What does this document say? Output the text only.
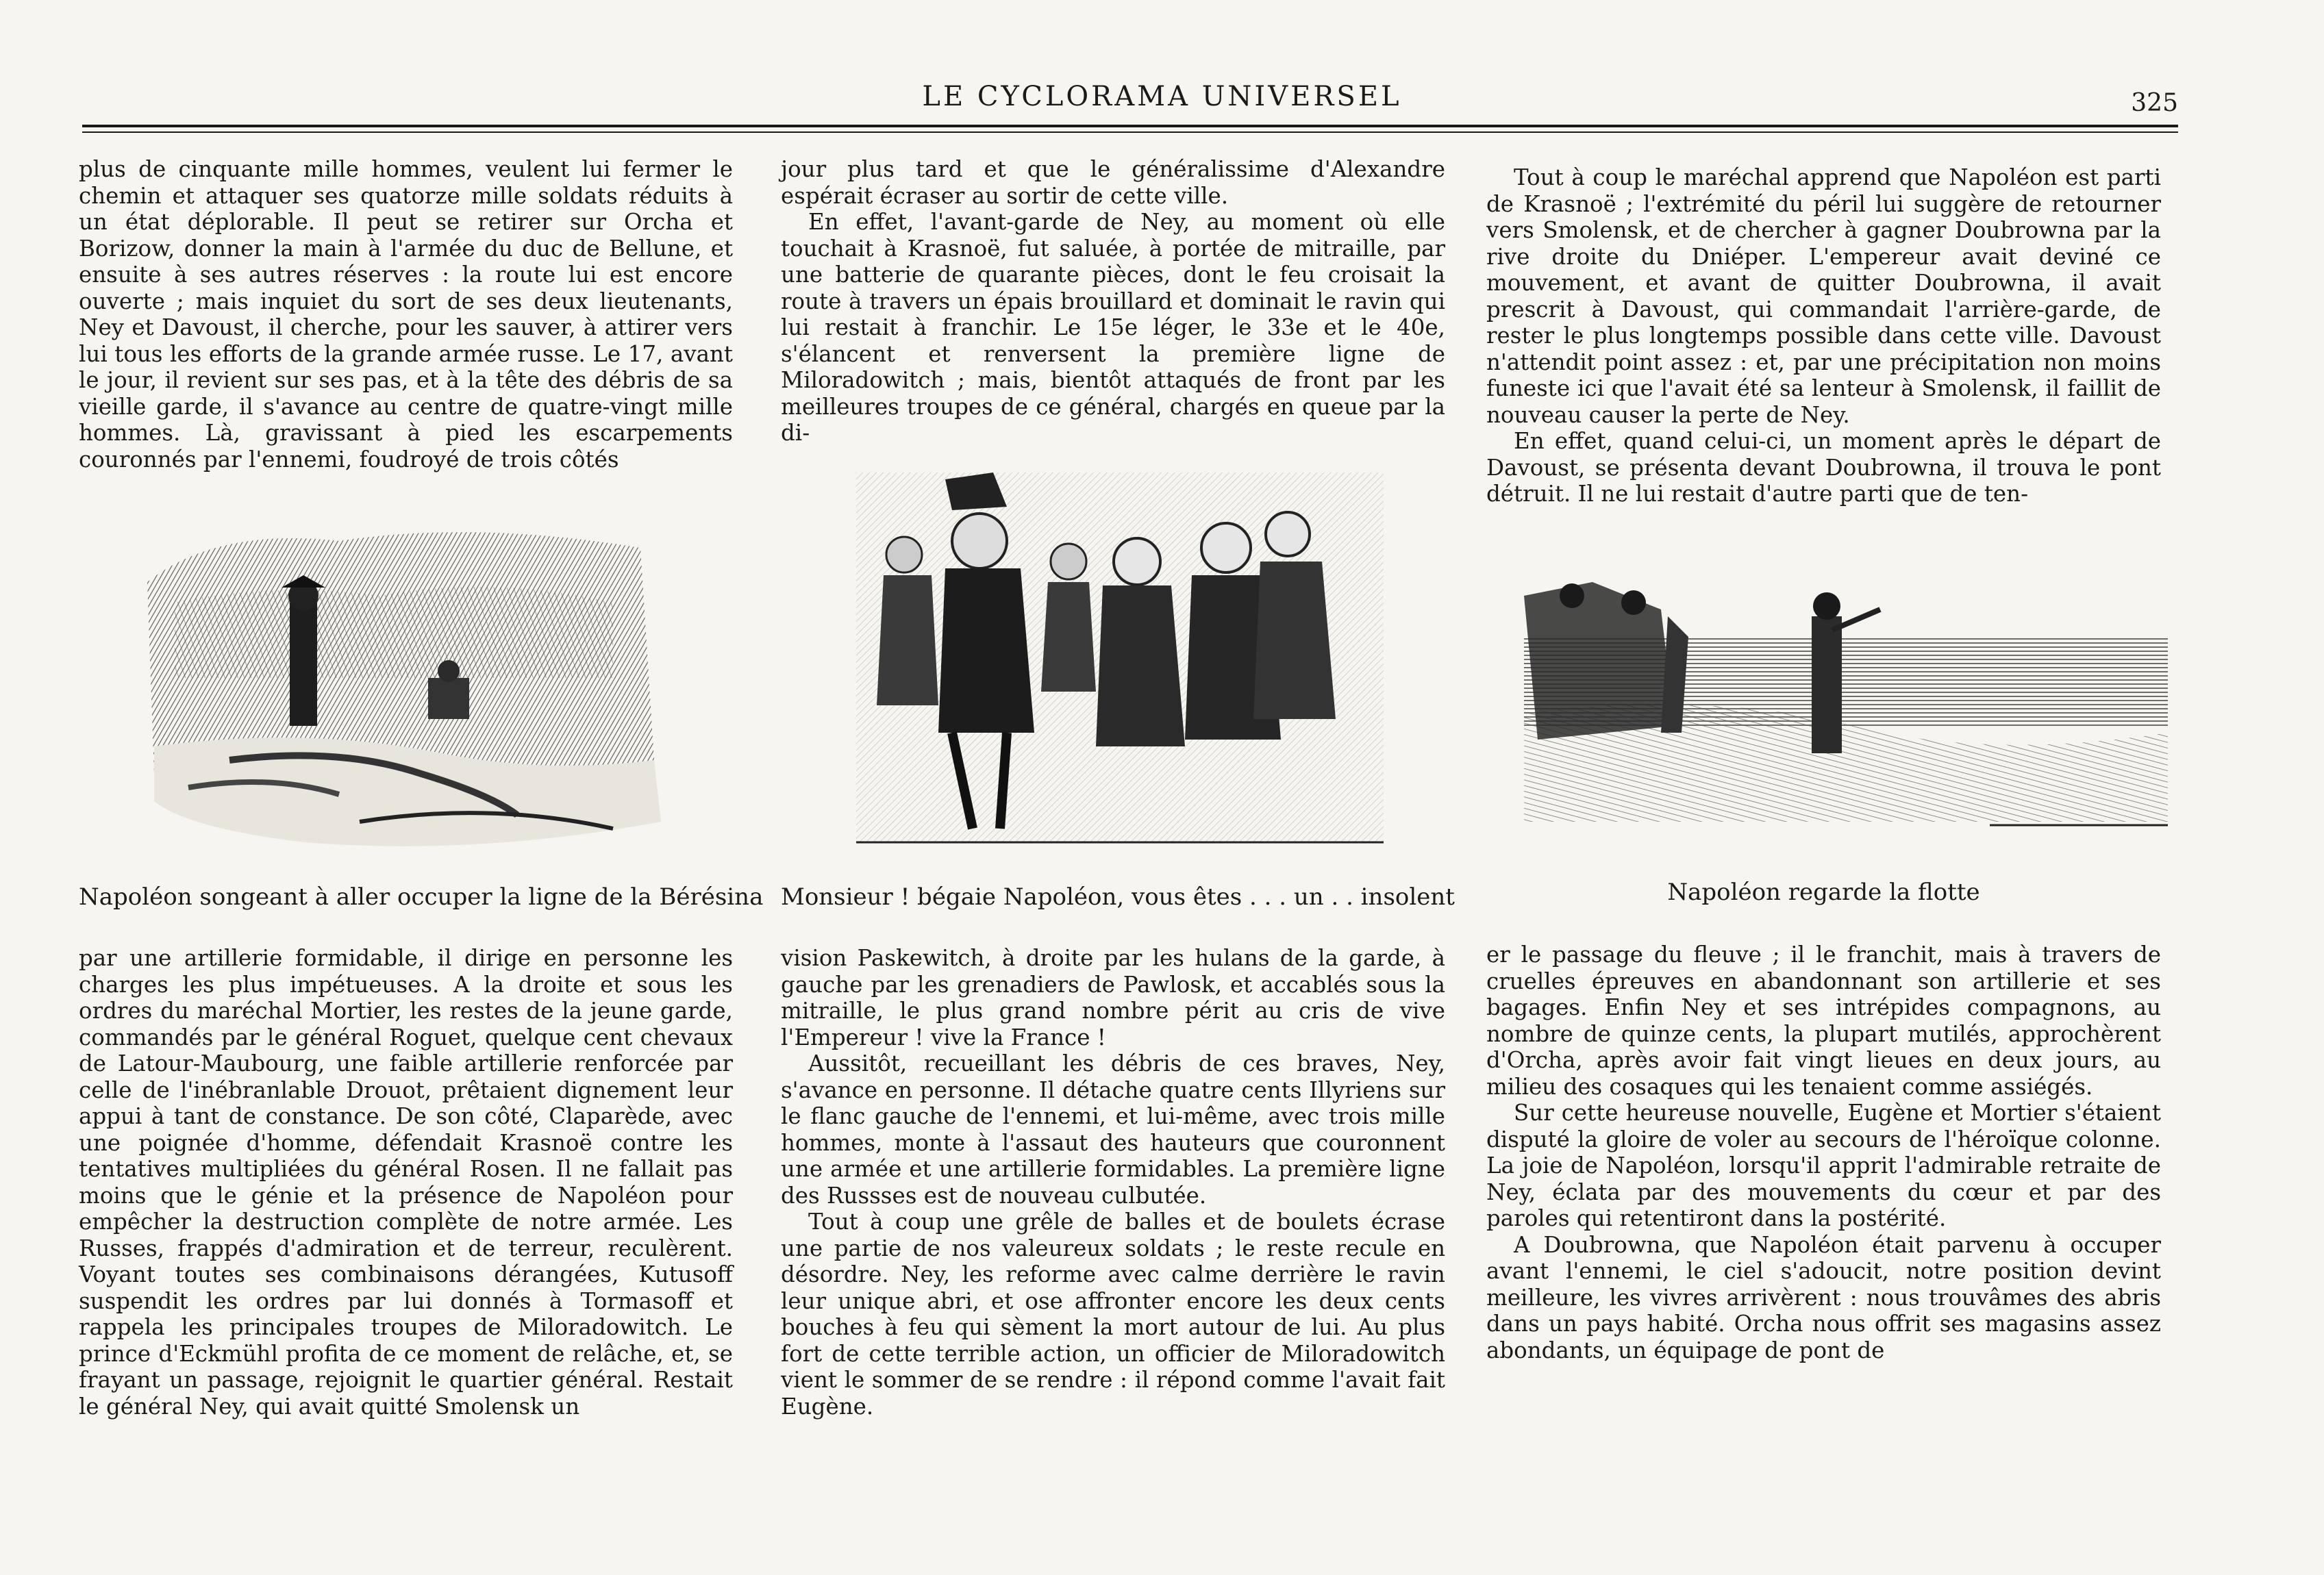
LE CYCLORAMA UNIVERSEL	325

plus de cinquante mille hommes, veulent lui fermer le chemin et attaquer ses quatorze mille soldats réduits à un état déplorable. Il peut se retirer sur Orcha et Borizow, donner la main à l'armée du duc de Bellune, et ensuite à ses autres réserves : la route lui est encore ouverte ; mais inquiet du sort de ses deux lieutenants, Ney et Davoust, il cherche, pour les sauver, à attirer vers lui tous les efforts de la grande armée russe. Le 17, avant le jour, il revient sur ses pas, et à la tête des débris de sa vieille garde, il s'avance au centre de quatre-vingt mille hommes. Là, gravissant à pied les escarpements couronnés par l'ennemi, foudroyé de trois côtés

Napoléon songeant à aller occuper la ligne de la Bérésina

par une artillerie formidable, il dirige en personne les charges les plus impétueuses. A la droite et sous les ordres du maréchal Mortier, les restes de la jeune garde, commandés par le général Roguet, quelque cent chevaux de Latour-Maubourg, une faible artillerie renforcée par celle de l'inébranlable Drouot, prêtaient dignement leur appui à tant de constance. De son côté, Claparède, avec une poignée d'homme, défendait Krasnoë contre les tentatives multipliées du général Rosen. Il ne fallait pas moins que le génie et la présence de Napoléon pour empêcher la destruction complète de notre armée. Les Russes, frappés d'admiration et de terreur, reculèrent. Voyant toutes ses combinaisons dérangées, Kutusoff suspendit les ordres par lui donnés à Tormasoff et rappela les principales troupes de Miloradowitch. Le prince d'Eckmühl profita de ce moment de relâche, et, se frayant un passage, rejoignit le quartier général. Restait le général Ney, qui avait quitté Smolensk un

jour plus tard et que le généralissime d'Alexandre espérait écraser au sortir de cette ville.

En effet, l'avant-garde de Ney, au moment où elle touchait à Krasnoë, fut saluée, à portée de mitraille, par une batterie de quarante pièces, dont le feu croisait la route à travers un épais brouillard et dominait le ravin qui lui restait à franchir. Le 15e léger, le 33e et le 40e, s'élancent et renversent la première ligne de Miloradowitch ; mais, bientôt attaqués de front par les meilleures troupes de ce général, chargés en queue par la di-

Monsieur ! bégaie Napoléon, vous êtes . . . un . . insolent

vision Paskewitch, à droite par les hulans de la garde, à gauche par les grenadiers de Pawlosk, et accablés sous la mitraille, le plus grand nombre périt au cris de vive l'Empereur ! vive la France !

Aussitôt, recueillant les débris de ces braves, Ney, s'avance en personne. Il détache quatre cents Illyriens sur le flanc gauche de l'ennemi, et lui-même, avec trois mille hommes, monte à l'assaut des hauteurs que couronnent une armée et une artillerie formidables. La première ligne des Russses est de nouveau culbutée.

Tout à coup une grêle de balles et de boulets écrase une partie de nos valeureux soldats ; le reste recule en désordre. Ney, les reforme avec calme derrière le ravin leur unique abri, et ose affronter encore les deux cents bouches à feu qui sèment la mort autour de lui. Au plus fort de cette terrible action, un officier de Miloradowitch vient le sommer de se rendre : il répond comme l'avait fait Eugène.

Tout à coup le maréchal apprend que Napoléon est parti de Krasnoë ; l'extrémité du péril lui suggère de retourner vers Smolensk, et de chercher à gagner Doubrowna par la rive droite du Dniéper. L'empereur avait deviné ce mouvement, et avant de quitter Doubrowna, il avait prescrit à Davoust, qui commandait l'arrière-garde, de rester le plus longtemps possible dans cette ville. Davoust n'attendit point assez : et, par une précipitation non moins funeste ici que l'avait été sa lenteur à Smolensk, il faillit de nouveau causer la perte de Ney.

En effet, quand celui-ci, un moment après le départ de Davoust, se présenta devant Doubrowna, il trouva le pont détruit. Il ne lui restait d'autre parti que de ten-

Napoléon regarde la flotte

er le passage du fleuve ; il le franchit, mais à travers de cruelles épreuves en abandonnant son artillerie et ses bagages. Enfin Ney et ses intrépides compagnons, au nombre de quinze cents, la plupart mutilés, approchèrent d'Orcha, après avoir fait vingt lieues en deux jours, au milieu des cosaques qui les tenaient comme assiégés.

Sur cette heureuse nouvelle, Eugène et Mortier s'étaient disputé la gloire de voler au secours de l'héroïque colonne. La joie de Napoléon, lorsqu'il apprit l'admirable retraite de Ney, éclata par des mouvements du cœur et par des paroles qui retentiront dans la postérité.

A Doubrowna, que Napoléon était parvenu à occuper avant l'ennemi, le ciel s'adoucit, notre position devint meilleure, les vivres arrivèrent : nous trouvâmes des abris dans un pays habité. Orcha nous offrit ses magasins assez abondants, un équipage de pont de
